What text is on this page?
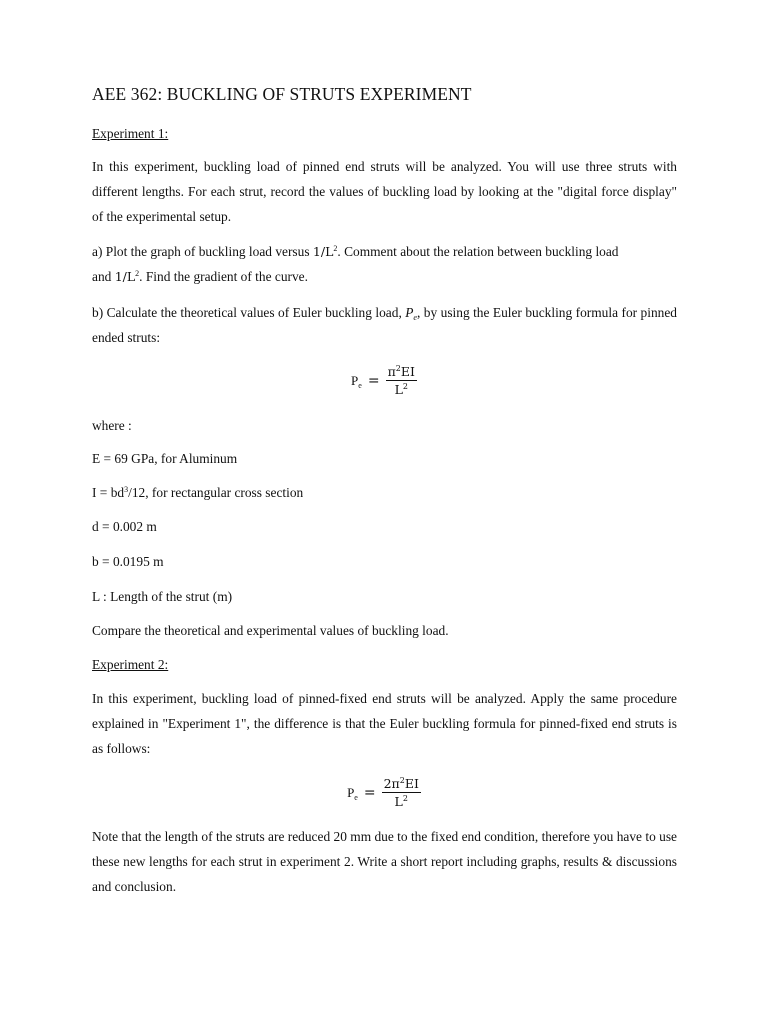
AEE 362: BUCKLING OF STRUTS EXPERIMENT

Experiment 1:

In this experiment, buckling load of pinned end struts will be analyzed. You will use three struts with different lengths. For each strut, record the values of buckling load by looking at the "digital force display" of the experimental setup.

a) Plot the graph of buckling load versus $1/L^2$. Comment about the relation between buckling load
and $1/L^2$. Find the gradient of the curve.

b) Calculate the theoretical values of Euler buckling load, $P_e$, by using the Euler buckling formula for pinned ended struts:

$P_e = \frac{\pi^2EI}{L^2}$

where :

E = 69 GPa, for Aluminum

$I = bd^3/12$, for rectangular cross section

d = 0.002 m

b = 0.0195 m

L : Length of the strut (m)

Compare the theoretical and experimental values of buckling load.

Experiment 2:

In this experiment, buckling load of pinned-fixed end struts will be analyzed. Apply the same procedure explained in "Experiment 1", the difference is that the Euler buckling formula for pinned-fixed end struts is as follows:

$P_e = \frac{2\pi^2EI}{L^2}$

Note that the length of the struts are reduced 20 mm due to the fixed end condition, therefore you have to use these new lengths for each strut in experiment 2. Write a short report including graphs, results & discussions and conclusion.
